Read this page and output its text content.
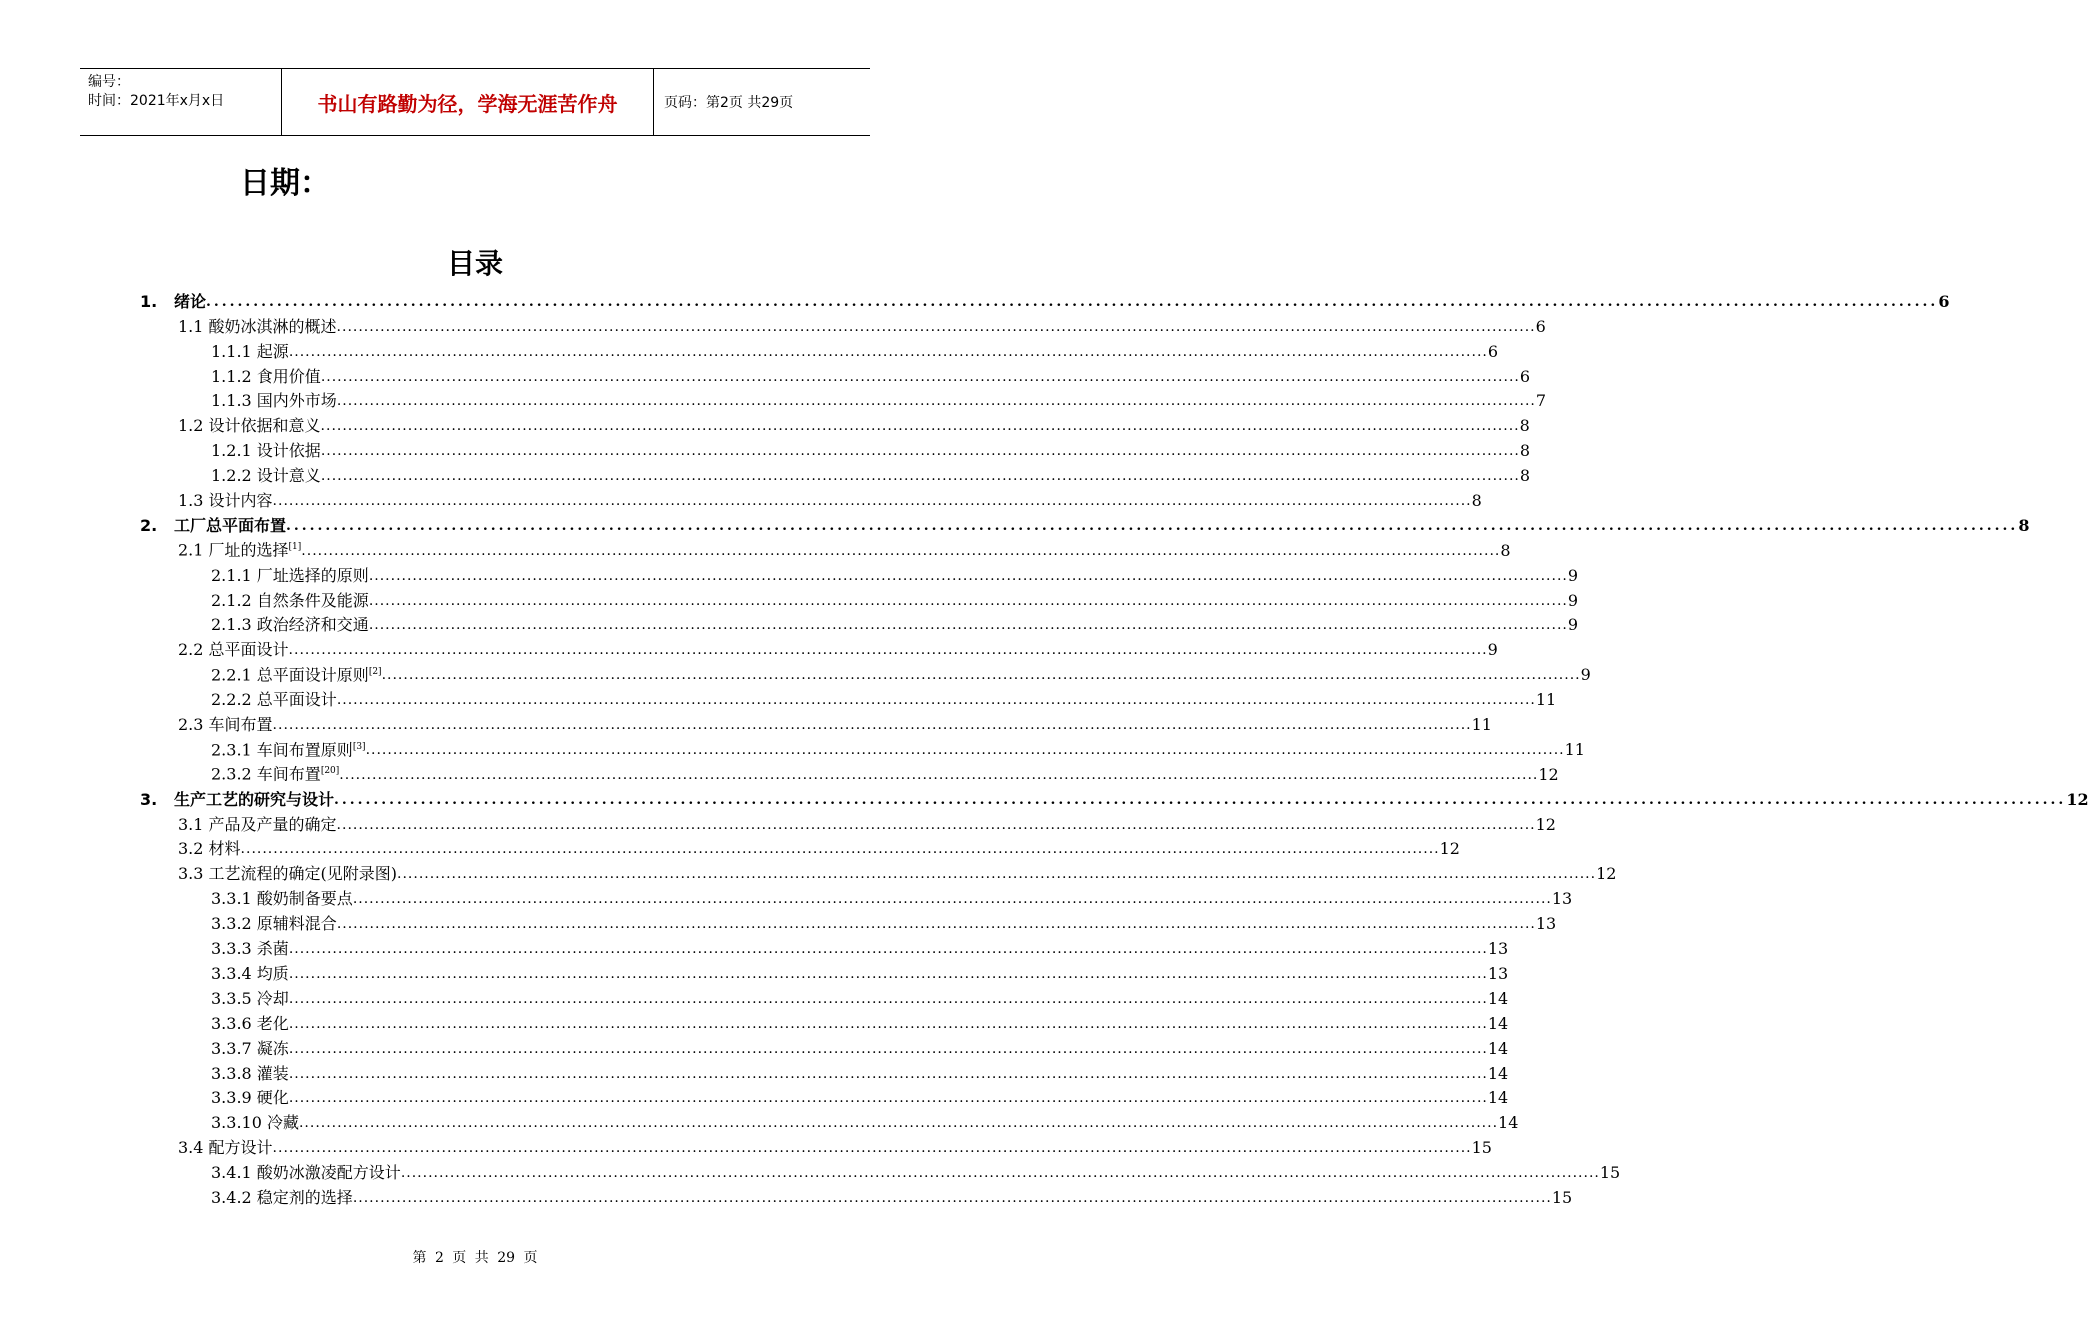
编号：
时间：2021年x月x日	书山有路勤为径，学海无涯苦作舟	页码：第2页 共29页
日期：
目录
1. 绪论 ............................................................................................................................................................................................................................ 6
1.1 酸奶冰淇淋的概述 ............................................................................................................................................................................................................................ 6
1.1.1 起源 ............................................................................................................................................................................................................................ 6
1.1.2 食用价值 ............................................................................................................................................................................................................................ 6
1.1.3 国内外市场 ............................................................................................................................................................................................................................ 7
1.2 设计依据和意义 ............................................................................................................................................................................................................................ 8
1.2.1 设计依据 ............................................................................................................................................................................................................................ 8
1.2.2 设计意义 ............................................................................................................................................................................................................................ 8
1.3 设计内容 ............................................................................................................................................................................................................................ 8
2. 工厂总平面布置 ............................................................................................................................................................................................................................ 8
2.1 厂址的选择[1] ............................................................................................................................................................................................................................ 8
2.1.1 厂址选择的原则 ............................................................................................................................................................................................................................ 9
2.1.2 自然条件及能源 ............................................................................................................................................................................................................................ 9
2.1.3 政治经济和交通 ............................................................................................................................................................................................................................ 9
2.2 总平面设计 ............................................................................................................................................................................................................................ 9
2.2.1 总平面设计原则[2] ............................................................................................................................................................................................................................ 9
2.2.2 总平面设计 ............................................................................................................................................................................................................................ 11
2.3 车间布置 ............................................................................................................................................................................................................................ 11
2.3.1 车间布置原则[3] ............................................................................................................................................................................................................................ 11
2.3.2 车间布置[20] ............................................................................................................................................................................................................................ 12
3. 生产工艺的研究与设计 ............................................................................................................................................................................................................................ 12
3.1 产品及产量的确定 ............................................................................................................................................................................................................................ 12
3.2 材料 ............................................................................................................................................................................................................................ 12
3.3 工艺流程的确定(见附录图) ............................................................................................................................................................................................................................ 12
3.3.1 酸奶制备要点 ............................................................................................................................................................................................................................ 13
3.3.2 原辅料混合 ............................................................................................................................................................................................................................ 13
3.3.3 杀菌 ............................................................................................................................................................................................................................ 13
3.3.4 均质 ............................................................................................................................................................................................................................ 13
3.3.5 冷却 ............................................................................................................................................................................................................................ 14
3.3.6 老化 ............................................................................................................................................................................................................................ 14
3.3.7 凝冻 ............................................................................................................................................................................................................................ 14
3.3.8 灌装 ............................................................................................................................................................................................................................ 14
3.3.9 硬化 ............................................................................................................................................................................................................................ 14
3.3.10 冷藏 ............................................................................................................................................................................................................................ 14
3.4 配方设计 ............................................................................................................................................................................................................................ 15
3.4.1 酸奶冰激凌配方设计 ............................................................................................................................................................................................................................ 15
3.4.2 稳定剂的选择 ............................................................................................................................................................................................................................ 15
第 2 页 共 29 页
